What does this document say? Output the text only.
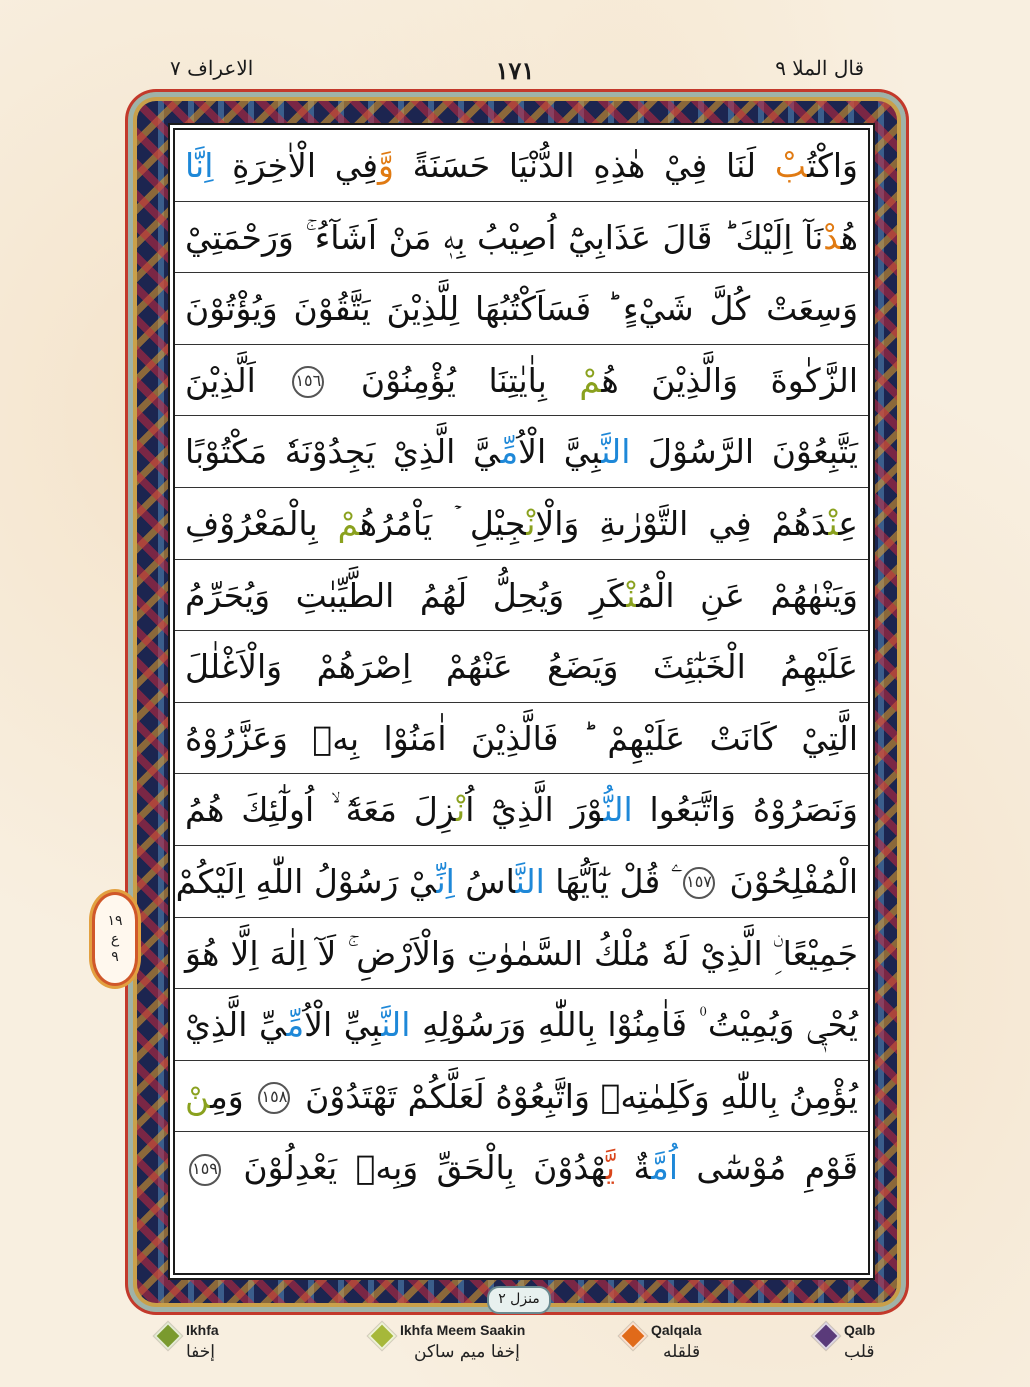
قال الملا ٩
١٧١
الاعراف ٧
وَاكْتُبْ لَنَا فِيْ هٰذِهِ الدُّنْيَا حَسَنَةً وَّفِي الْاٰخِرَةِ اِنَّا
هُدْنَآ اِلَيْكَ ؕ قَالَ عَذَابِيْٓ اُصِيْبُ بِهٖ مَنْ اَشَآءُ ۚ وَرَحْمَتِيْ
وَسِعَتْ كُلَّ شَيْءٍ ؕ فَسَاَكْتُبُهَا لِلَّذِيْنَ يَتَّقُوْنَ وَيُؤْتُوْنَ
الزَّكٰوةَ وَالَّذِيْنَ هُمْ بِاٰيٰتِنَا يُؤْمِنُوْنَ ١٥٦ اَلَّذِيْنَ
يَتَّبِعُوْنَ الرَّسُوْلَ النَّبِيَّ الْاُمِّيَّ الَّذِيْ يَجِدُوْنَهٗ مَكْتُوْبًا
عِنْدَهُمْ فِي التَّوْرٰىةِ وَالْاِنْجِيْلِ ۡ يَاْمُرُهُمْ بِالْمَعْرُوْفِ
وَيَنْهٰهُمْ عَنِ الْمُنْكَرِ وَيُحِلُّ لَهُمُ الطَّيِّبٰتِ وَيُحَرِّمُ
عَلَيْهِمُ الْخَبٰٓئِثَ وَيَضَعُ عَنْهُمْ اِصْرَهُمْ وَالْاَغْلٰلَ
الَّتِيْ كَانَتْ عَلَيْهِمْ ؕ فَالَّذِيْنَ اٰمَنُوْا بِهٖ وَعَزَّرُوْهُ
وَنَصَرُوْهُ وَاتَّبَعُوا النُّوْرَ الَّذِيْٓ اُنْزِلَ مَعَهٗٓ ۙ اُولٰٓئِكَ هُمُ
الْمُفْلِحُوْنَ ١٥٧ ۧ قُلْ يٰٓاَيُّهَا النَّاسُ اِنِّيْ رَسُوْلُ اللّٰهِ اِلَيْكُمْ
جَمِيْعًا ِۨ الَّذِيْ لَهٗ مُلْكُ السَّمٰوٰتِ وَالْاَرْضِ ۚ لَآ اِلٰهَ اِلَّا هُوَ
يُحْيٖ وَيُمِيْتُ ۠ فَاٰمِنُوْا بِاللّٰهِ وَرَسُوْلِهِ النَّبِيِّ الْاُمِّيِّ الَّذِيْ
يُؤْمِنُ بِاللّٰهِ وَكَلِمٰتِهٖ وَاتَّبِعُوْهُ لَعَلَّكُمْ تَهْتَدُوْنَ ١٥٨ وَمِنْ
قَوْمِ مُوْسٰٓى اُمَّةٌ يَّهْدُوْنَ بِالْحَقِّ وَبِهٖ يَعْدِلُوْنَ ١٥٩
١٩
ع
٩
منزل ٢
Ikhfa
إخفا
Ikhfa Meem Saakin
إخفا ميم ساكن
Qalqala
قلقله
Qalb
قلب
